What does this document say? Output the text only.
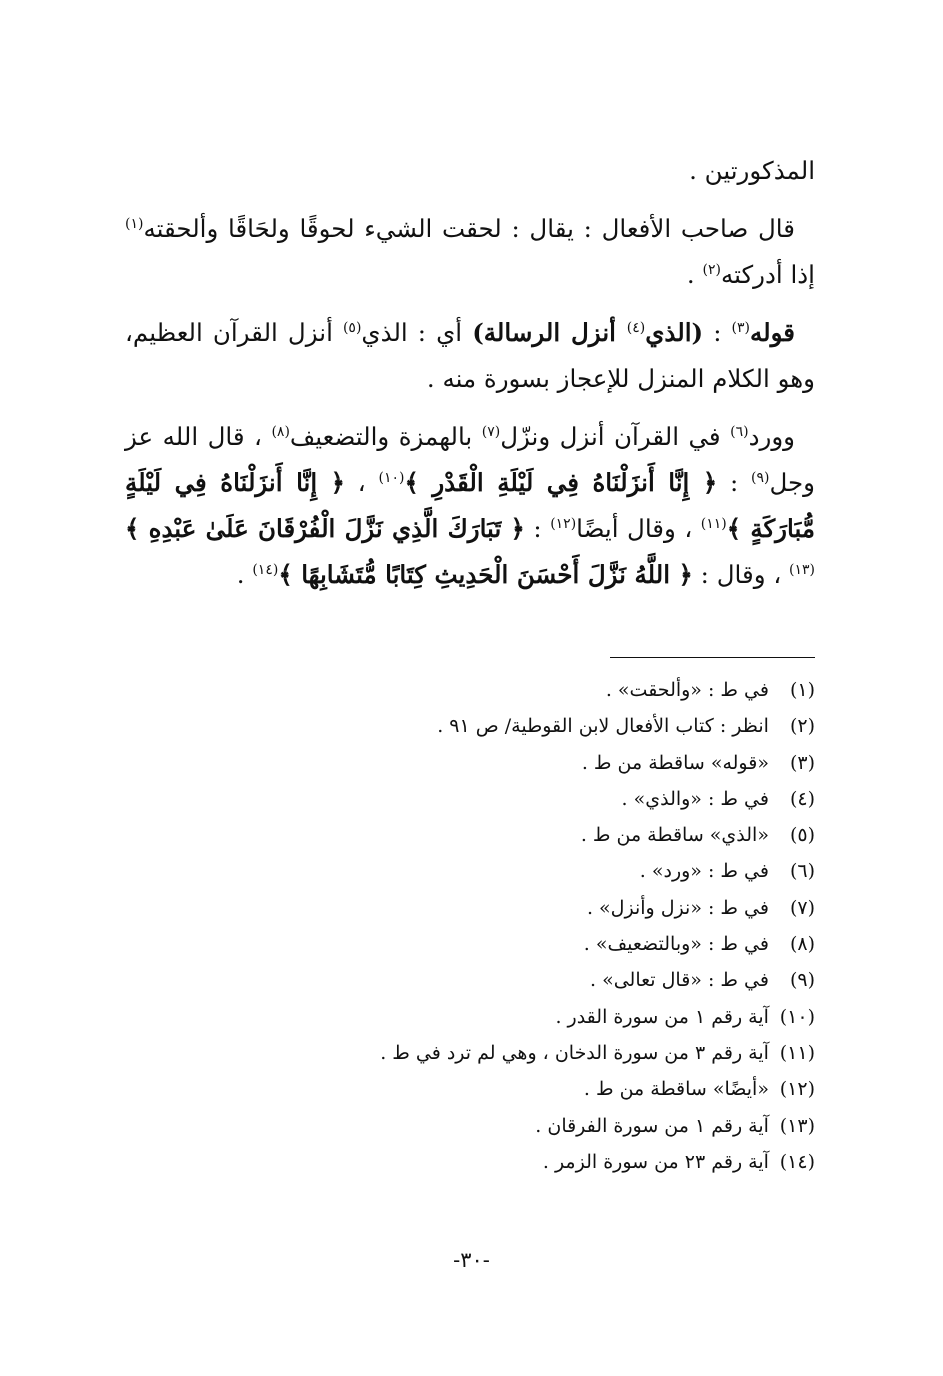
المذكورتين .

قال صاحب الأفعال : يقال : لحقت الشيء لحوقًا ولحَاقًا وألحقته$^{(١)}$ إذا أدركته$^{(٢)}$ .

قوله$^{(٣)}$ : (الذي$^{(٤)}$ أنزل الرسالة) أي : الذي$^{(٥)}$ أنزل القرآن العظيم، وهو الكلام المنزل للإعجاز بسورة منه .

وورد$^{(٦)}$ في القرآن أنزل ونزّل$^{(٧)}$ بالهمزة والتضعيف$^{(٨)}$ ، قال الله عز وجل$^{(٩)}$ : ﴿ إِنَّا أَنزَلْنَاهُ فِي لَيْلَةِ الْقَدْرِ ﴾$^{(١٠)}$ ، ﴿ إِنَّا أَنزَلْنَاهُ فِي لَيْلَةٍ مُّبَارَكَةٍ ﴾$^{(١١)}$ ، وقال أيضًا$^{(١٢)}$ : ﴿ تَبَارَكَ الَّذِي نَزَّلَ الْفُرْقَانَ عَلَىٰ عَبْدِهِ ﴾$^{(١٣)}$ ، وقال : ﴿ اللَّهُ نَزَّلَ أَحْسَنَ الْحَدِيثِ كِتَابًا مُّتَشَابِهًا ﴾$^{(١٤)}$ .

(١) في ط : «وألحقت» .
(٢) انظر : كتاب الأفعال لابن القوطية/ ص ٩١ .
(٣) «قوله» ساقطة من ط .
(٤) في ط : «والذي» .
(٥) «الذي» ساقطة من ط .
(٦) في ط : «ورد» .
(٧) في ط : «نزل وأنزل» .
(٨) في ط : «وبالتضعيف» .
(٩) في ط : «قال تعالى» .
(١٠) آية رقم ١ من سورة القدر .
(١١) آية رقم ٣ من سورة الدخان ، وهي لم ترد في ط .
(١٢) «أيضًا» ساقطة من ط .
(١٣) آية رقم ١ من سورة الفرقان .
(١٤) آية رقم ٢٣ من سورة الزمر .
-٣٠-
